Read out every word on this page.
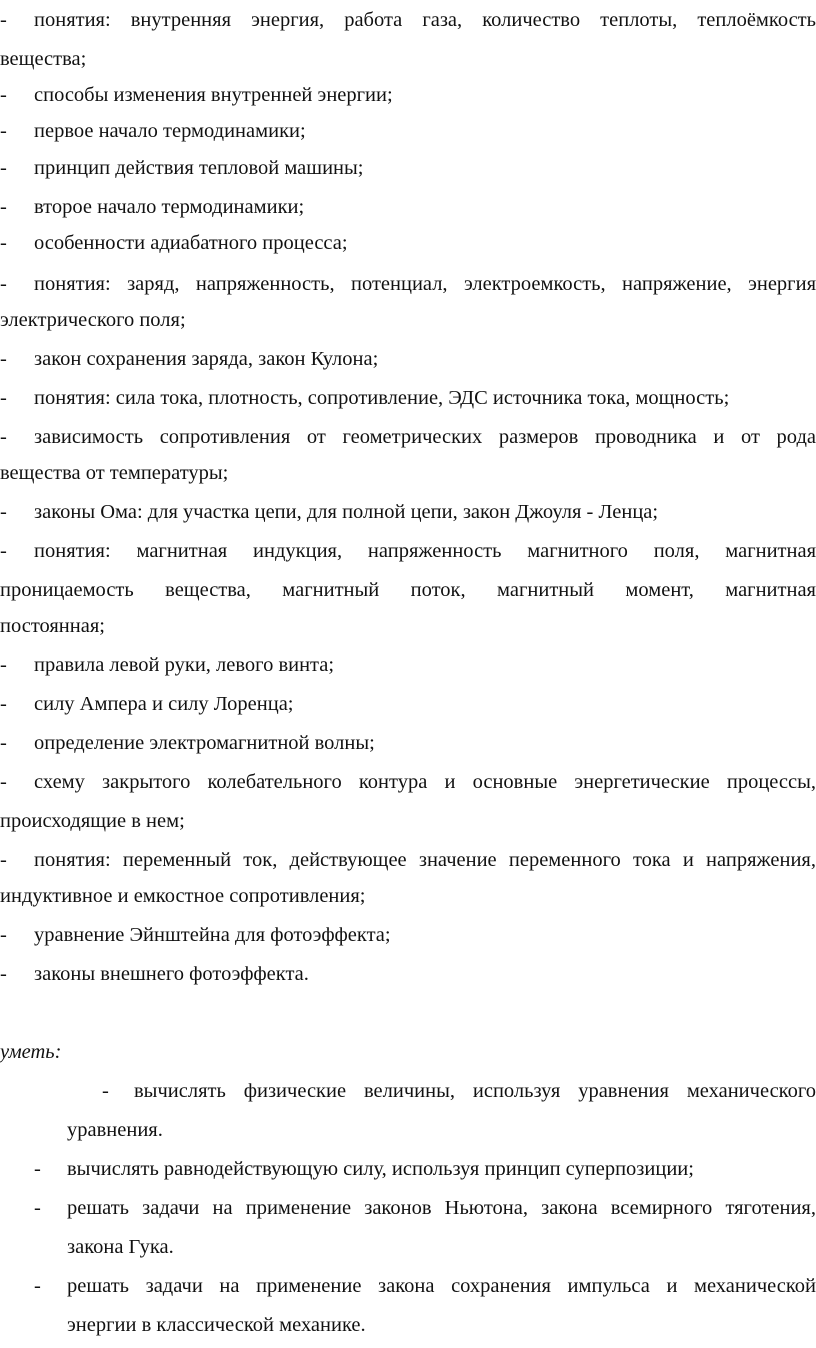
- понятия: внутренняя энергия, работа газа, количество теплоты, теплоёмкость
вещества;
- способы изменения внутренней энергии;
- первое начало термодинамики;
- принцип действия тепловой машины;
- второе начало термодинамики;
- особенности адиабатного процесса;
- понятия: заряд, напряженность, потенциал, электроемкость, напряжение, энергия
электрического поля;
- закон сохранения заряда, закон Кулона;
- понятия: сила тока, плотность, сопротивление, ЭДС источника тока, мощность;
- зависимость сопротивления от геометрических размеров проводника и от рода
вещества от температуры;
- законы Ома: для участка цепи, для полной цепи, закон Джоуля - Ленца;
- понятия: магнитная индукция, напряженность магнитного поля, магнитная
проницаемость вещества, магнитный поток, магнитный момент, магнитная
постоянная;
- правила левой руки, левого винта;
- силу Ампера и силу Лоренца;
- определение электромагнитной волны;
- схему закрытого колебательного контура и основные энергетические процессы,
происходящие в нем;
- понятия: переменный ток, действующее значение переменного тока и напряжения,
индуктивное и емкостное сопротивления;
- уравнение Эйнштейна для фотоэффекта;
- законы внешнего фотоэффекта.
уметь:
- вычислять физические величины, используя уравнения механического
уравнения.
- вычислять равнодействующую силу, используя принцип суперпозиции;
- решать задачи на применение законов Ньютона, закона всемирного тяготения,
закона Гука.
- решать задачи на применение закона сохранения импульса и механической
энергии в классической механике.
